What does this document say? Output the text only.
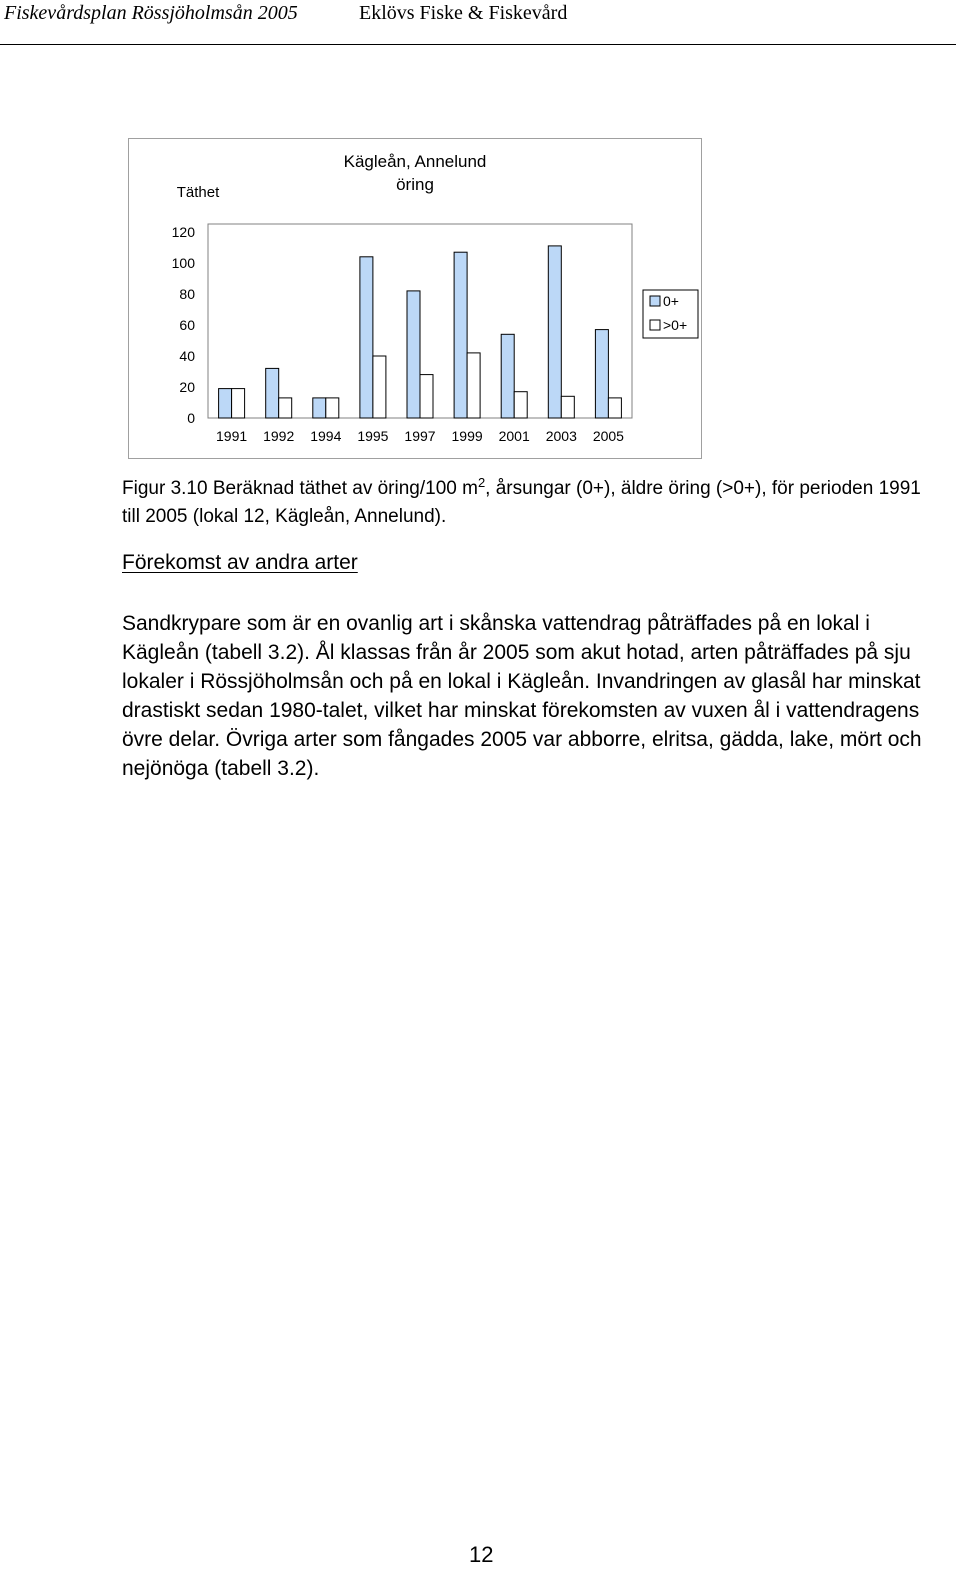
Fiskevårdsplan Rössjöholmsån 2005	Eklövs Fiske & Fiskevård
Kägleån, Annelund
öring
Täthet
0
20
40
60
80
100
120
1991 1992 1994 1995 1997 1999 2001 2003 2005
0+
>0+
Figur 3.10 Beräknad täthet av öring/100 $m^2$, årsungar (0+), äldre öring (>0+), för perioden 1991 till 2005 (lokal 12, Kägleån, Annelund).
Förekomst av andra arter
Sandkrypare som är en ovanlig art i skånska vattendrag påträffades på en lokal i Kägleån (tabell 3.2). Ål klassas från år 2005 som akut hotad, arten påträffades på sju lokaler i Rössjöholmsån och på en lokal i Kägleån. Invandringen av glasål har minskat drastiskt sedan 1980-talet, vilket har minskat förekomsten av vuxen ål i vattendragens övre delar. Övriga arter som fångades 2005 var abborre, elritsa, gädda, lake, mört och nejönöga (tabell 3.2).
12
